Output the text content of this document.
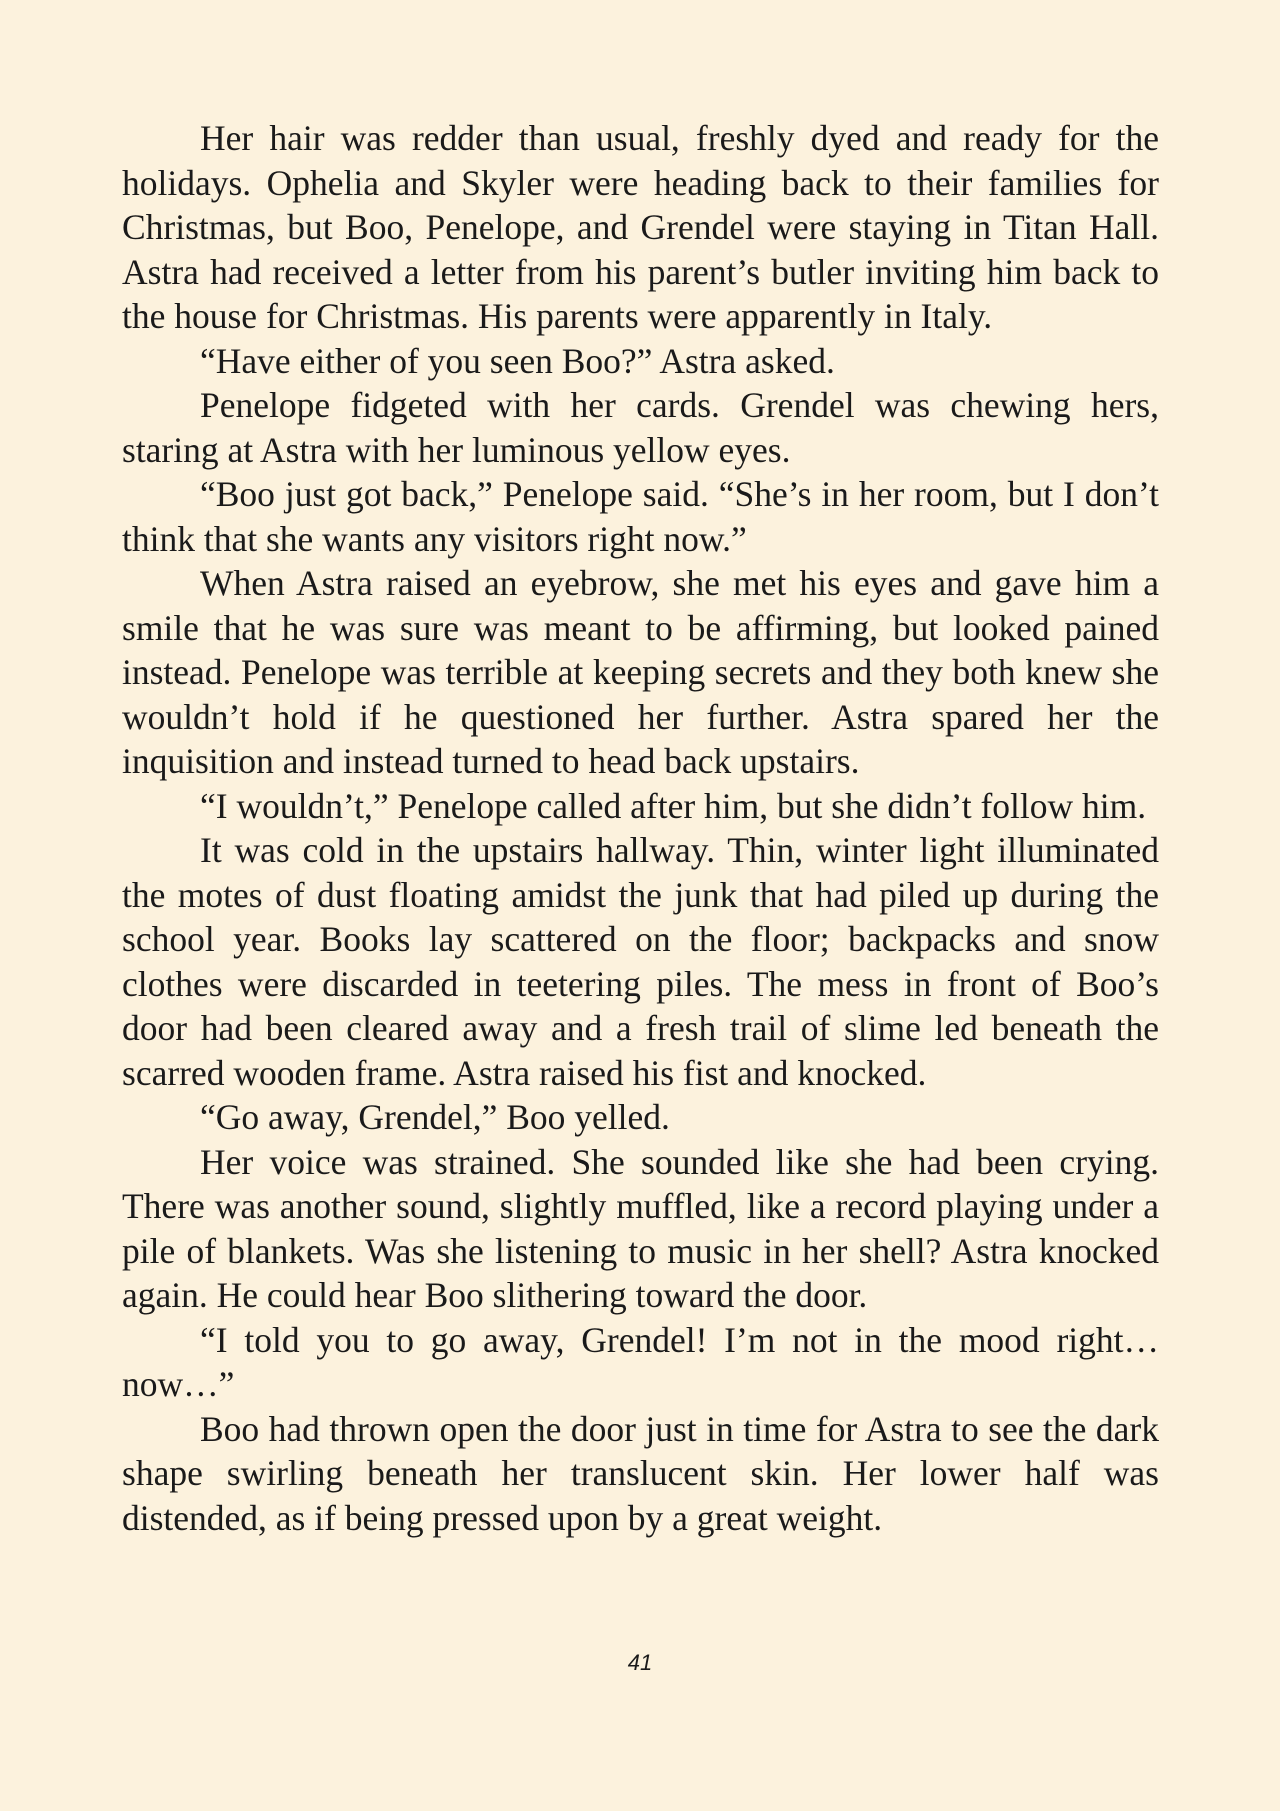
Her hair was redder than usual, freshly dyed and ready for the holidays. Ophelia and Skyler were heading back to their families for Christmas, but Boo, Penelope, and Grendel were staying in Titan Hall. Astra had received a letter from his parent’s butler inviting him back to the house for Christmas. His parents were apparently in Italy.

“Have either of you seen Boo?” Astra asked.

Penelope fidgeted with her cards. Grendel was chewing hers, staring at Astra with her luminous yellow eyes.

“Boo just got back,” Penelope said. “She’s in her room, but I don’t think that she wants any visitors right now.”

When Astra raised an eyebrow, she met his eyes and gave him a smile that he was sure was meant to be affirming, but looked pained instead. Penelope was terrible at keeping secrets and they both knew she wouldn’t hold if he questioned her further. Astra spared her the inquisition and instead turned to head back upstairs.

“I wouldn’t,” Penelope called after him, but she didn’t follow him.

It was cold in the upstairs hallway. Thin, winter light illuminated the motes of dust floating amidst the junk that had piled up during the school year. Books lay scattered on the floor; backpacks and snow clothes were discarded in teetering piles. The mess in front of Boo’s door had been cleared away and a fresh trail of slime led beneath the scarred wooden frame. Astra raised his fist and knocked.

“Go away, Grendel,” Boo yelled.

Her voice was strained. She sounded like she had been crying. There was another sound, slightly muffled, like a record playing under a pile of blankets. Was she listening to music in her shell? Astra knocked again. He could hear Boo slithering toward the door.

“I told you to go away, Grendel! I’m not in the mood right…now…”

Boo had thrown open the door just in time for Astra to see the dark shape swirling beneath her translucent skin. Her lower half was distended, as if being pressed upon by a great weight.

41
